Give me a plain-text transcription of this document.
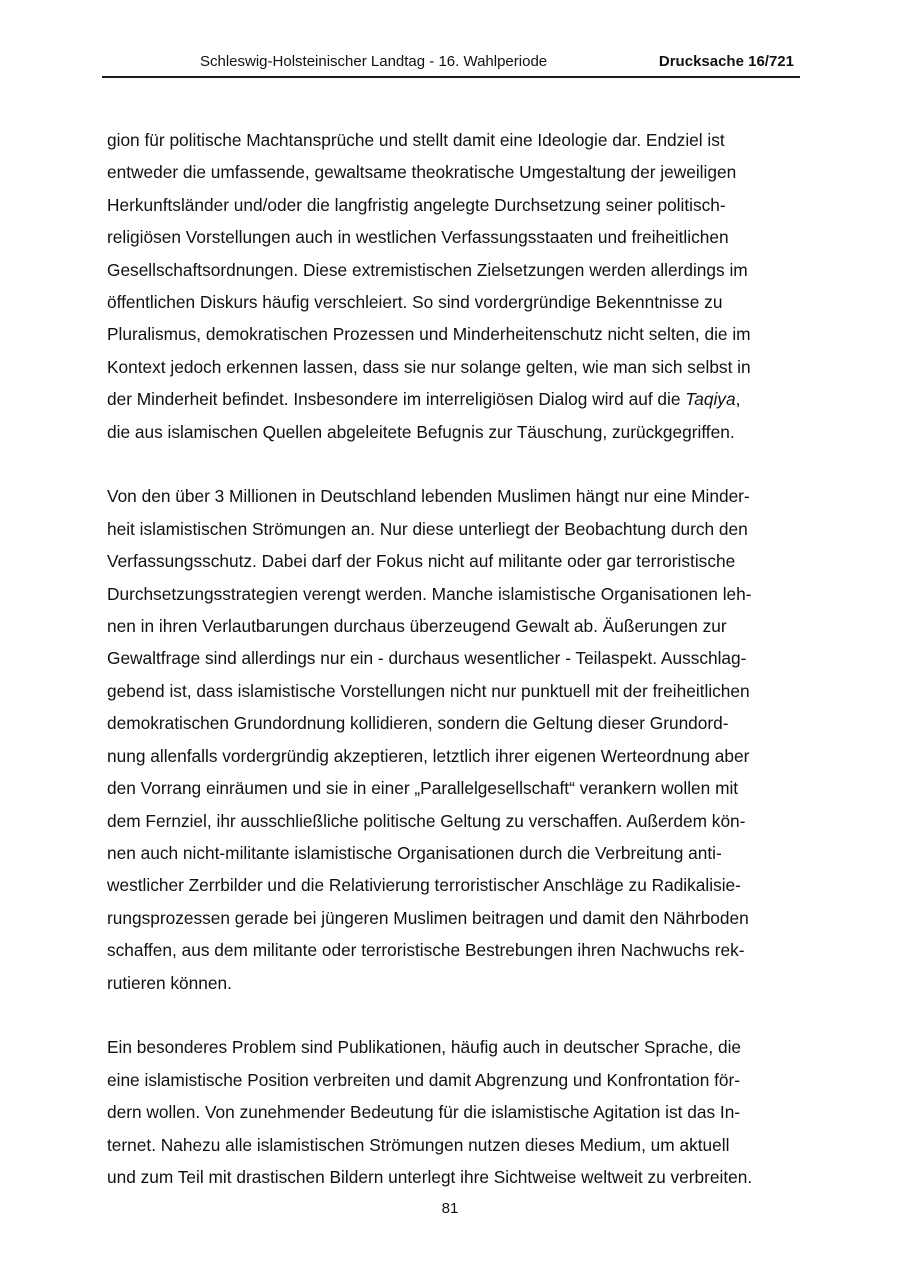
Schleswig-Holsteinischer Landtag - 16. Wahlperiode	Drucksache 16/721
gion für politische Machtansprüche und stellt damit eine Ideologie dar. Endziel ist
entweder die umfassende, gewaltsame theokratische Umgestaltung der jeweiligen
Herkunftsländer und/oder die langfristig angelegte Durchsetzung seiner politisch-
religiösen Vorstellungen auch in westlichen Verfassungsstaaten und freiheitlichen
Gesellschaftsordnungen. Diese extremistischen Zielsetzungen werden allerdings im
öffentlichen Diskurs häufig verschleiert. So sind vordergründige Bekenntnisse zu
Pluralismus, demokratischen Prozessen und Minderheitenschutz nicht selten, die im
Kontext jedoch erkennen lassen, dass sie nur solange gelten, wie man sich selbst in
der Minderheit befindet. Insbesondere im interreligiösen Dialog wird auf die Taqiya,
die aus islamischen Quellen abgeleitete Befugnis zur Täuschung, zurückgegriffen.
Von den über 3 Millionen in Deutschland lebenden Muslimen hängt nur eine Minder-
heit islamistischen Strömungen an. Nur diese unterliegt der Beobachtung durch den
Verfassungsschutz. Dabei darf der Fokus nicht auf militante oder gar terroristische
Durchsetzungsstrategien verengt werden. Manche islamistische Organisationen leh-
nen in ihren Verlautbarungen durchaus überzeugend Gewalt ab. Äußerungen zur
Gewaltfrage sind allerdings nur ein - durchaus wesentlicher - Teilaspekt. Ausschlag-
gebend ist, dass islamistische Vorstellungen nicht nur punktuell mit der freiheitlichen
demokratischen Grundordnung kollidieren, sondern die Geltung dieser Grundord-
nung allenfalls vordergründig akzeptieren, letztlich ihrer eigenen Werteordnung aber
den Vorrang einräumen und sie in einer „Parallelgesellschaft“ verankern wollen mit
dem Fernziel, ihr ausschließliche politische Geltung zu verschaffen. Außerdem kön-
nen auch nicht-militante islamistische Organisationen durch die Verbreitung anti-
westlicher Zerrbilder und die Relativierung terroristischer Anschläge zu Radikalisie-
rungsprozessen gerade bei jüngeren Muslimen beitragen und damit den Nährboden
schaffen, aus dem militante oder terroristische Bestrebungen ihren Nachwuchs rek-
rutieren können.
Ein besonderes Problem sind Publikationen, häufig auch in deutscher Sprache, die
eine islamistische Position verbreiten und damit Abgrenzung und Konfrontation för-
dern wollen. Von zunehmender Bedeutung für die islamistische Agitation ist das In-
ternet. Nahezu alle islamistischen Strömungen nutzen dieses Medium, um aktuell
und zum Teil mit drastischen Bildern unterlegt ihre Sichtweise weltweit zu verbreiten.
81
